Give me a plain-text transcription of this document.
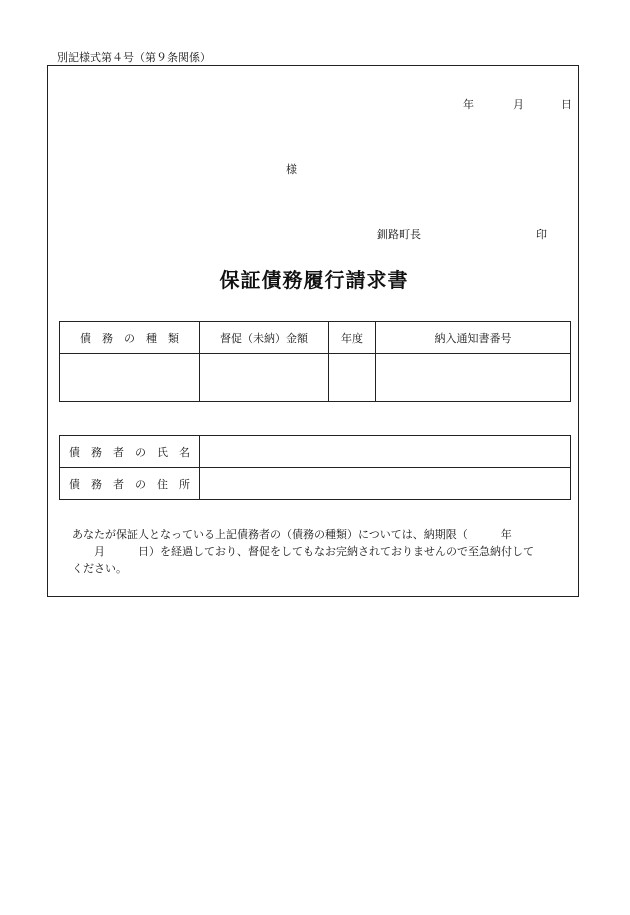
別記様式第４号（第９条関係）
年	月	日
様
釧路町長	印
保証債務履行請求書
債　務　の　種　類	督促（未納）金額	年度	納入通知書番号

債　務　者　の　氏　名	
債　務　者　の　住　所	
あなたが保証人となっている上記債務者の（債務の種類）については、納期限（　　　年
　　月　　　日）を経過しており、督促をしてもなお完納されておりませんので至急納付して
ください。
